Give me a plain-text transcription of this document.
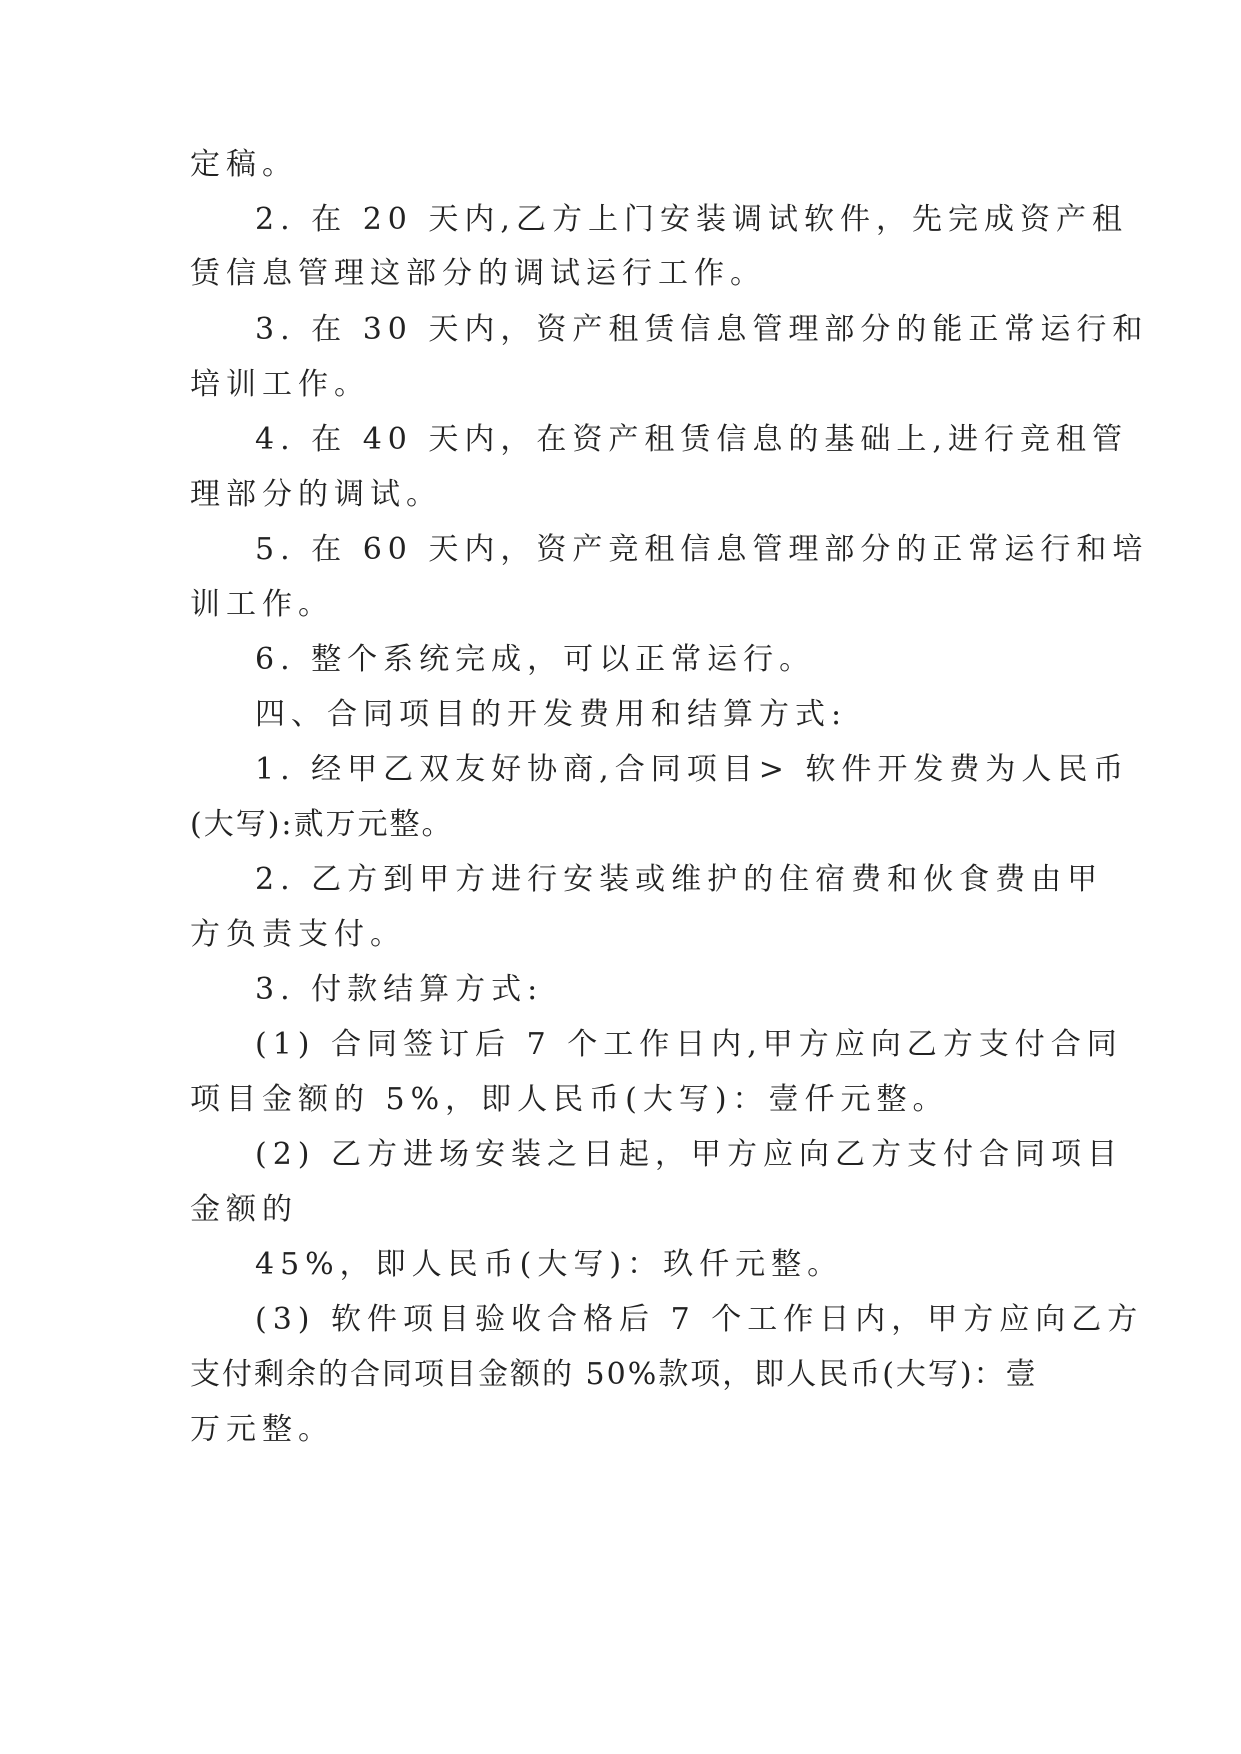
定稿。
2. 在 20 天内,乙方上门安装调试软件，先完成资产租
赁信息管理这部分的调试运行工作。
3. 在 30 天内，资产租赁信息管理部分的能正常运行和
培训工作。
4. 在 40 天内，在资产租赁信息的基础上,进行竞租管
理部分的调试。
5. 在 60 天内，资产竞租信息管理部分的正常运行和培
训工作。
6. 整个系统完成，可以正常运行。
四、合同项目的开发费用和结算方式:
1. 经甲乙双友好协商,合同项目> 软件开发费为人民币
(大写):贰万元整。
2. 乙方到甲方进行安装或维护的住宿费和伙食费由甲
方负责支付。
3. 付款结算方式:
(1) 合同签订后 7 个工作日内,甲方应向乙方支付合同
项目金额的 5%，即人民币(大写)：壹仟元整。
(2) 乙方进场安装之日起，甲方应向乙方支付合同项目
金额的
45%，即人民币(大写)：玖仟元整。
(3) 软件项目验收合格后 7 个工作日内，甲方应向乙方
支付剩余的合同项目金额的 50%款项，即人民币(大写)：壹
万元整。
